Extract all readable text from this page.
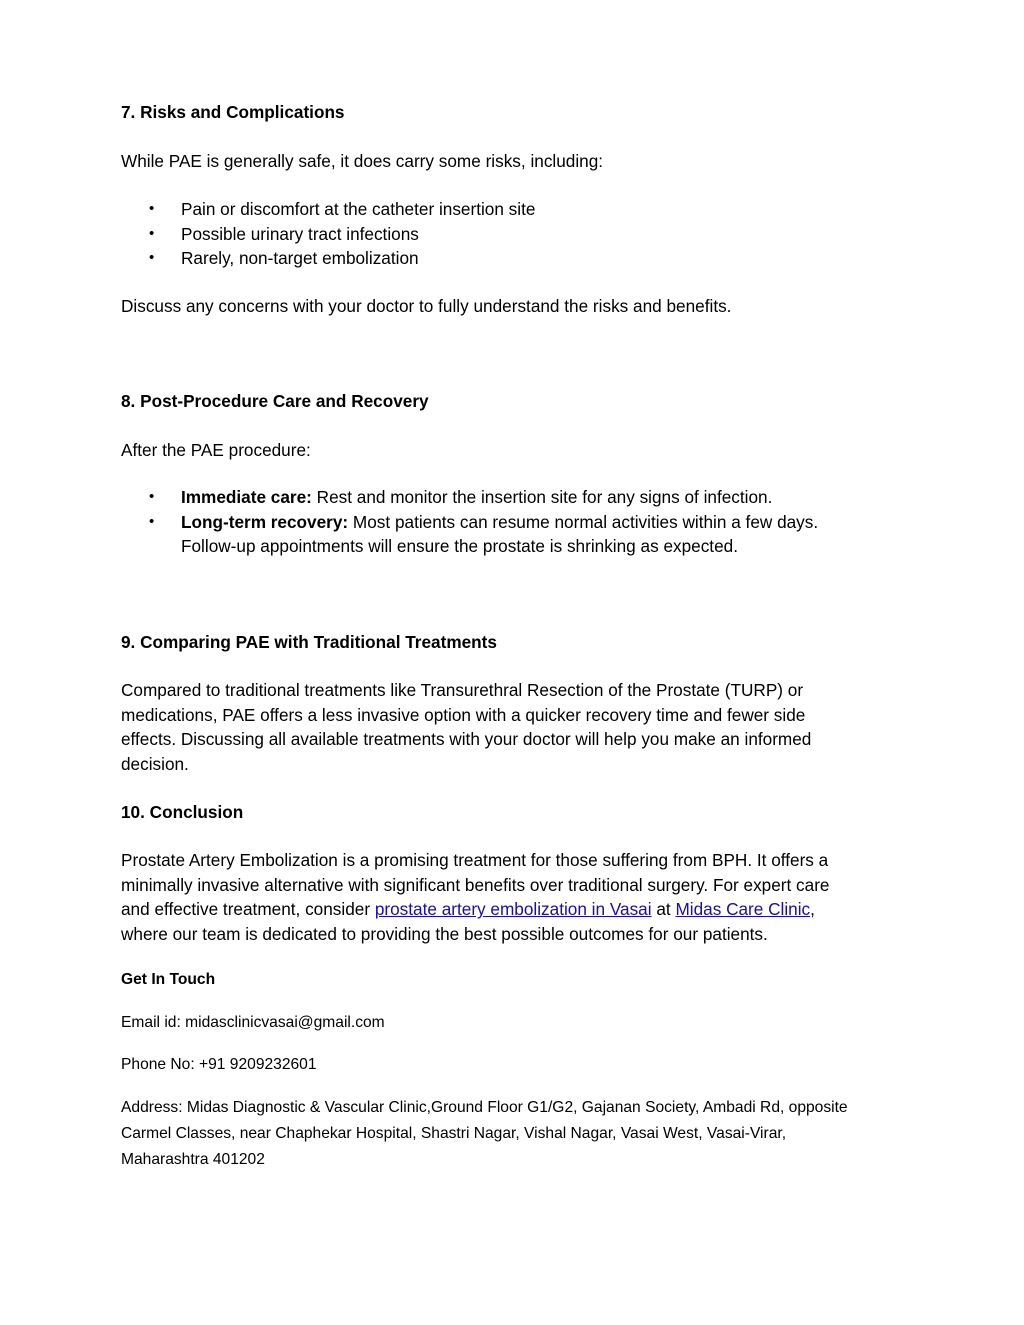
7. Risks and Complications

While PAE is generally safe, it does carry some risks, including:

• Pain or discomfort at the catheter insertion site
• Possible urinary tract infections
• Rarely, non-target embolization

Discuss any concerns with your doctor to fully understand the risks and benefits.

8. Post-Procedure Care and Recovery

After the PAE procedure:

• Immediate care: Rest and monitor the insertion site for any signs of infection.
• Long-term recovery: Most patients can resume normal activities within a few days.
Follow-up appointments will ensure the prostate is shrinking as expected.

9. Comparing PAE with Traditional Treatments

Compared to traditional treatments like Transurethral Resection of the Prostate (TURP) or
medications, PAE offers a less invasive option with a quicker recovery time and fewer side
effects. Discussing all available treatments with your doctor will help you make an informed
decision.

10. Conclusion

Prostate Artery Embolization is a promising treatment for those suffering from BPH. It offers a
minimally invasive alternative with significant benefits over traditional surgery. For expert care
and effective treatment, consider prostate artery embolization in Vasai at Midas Care Clinic,
where our team is dedicated to providing the best possible outcomes for our patients.

Get In Touch

Email id: midasclinicvasai@gmail.com

Phone No: +91 9209232601

Address: Midas Diagnostic & Vascular Clinic,Ground Floor G1/G2, Gajanan Society, Ambadi Rd, opposite
Carmel Classes, near Chaphekar Hospital, Shastri Nagar, Vishal Nagar, Vasai West, Vasai-Virar,
Maharashtra 401202
